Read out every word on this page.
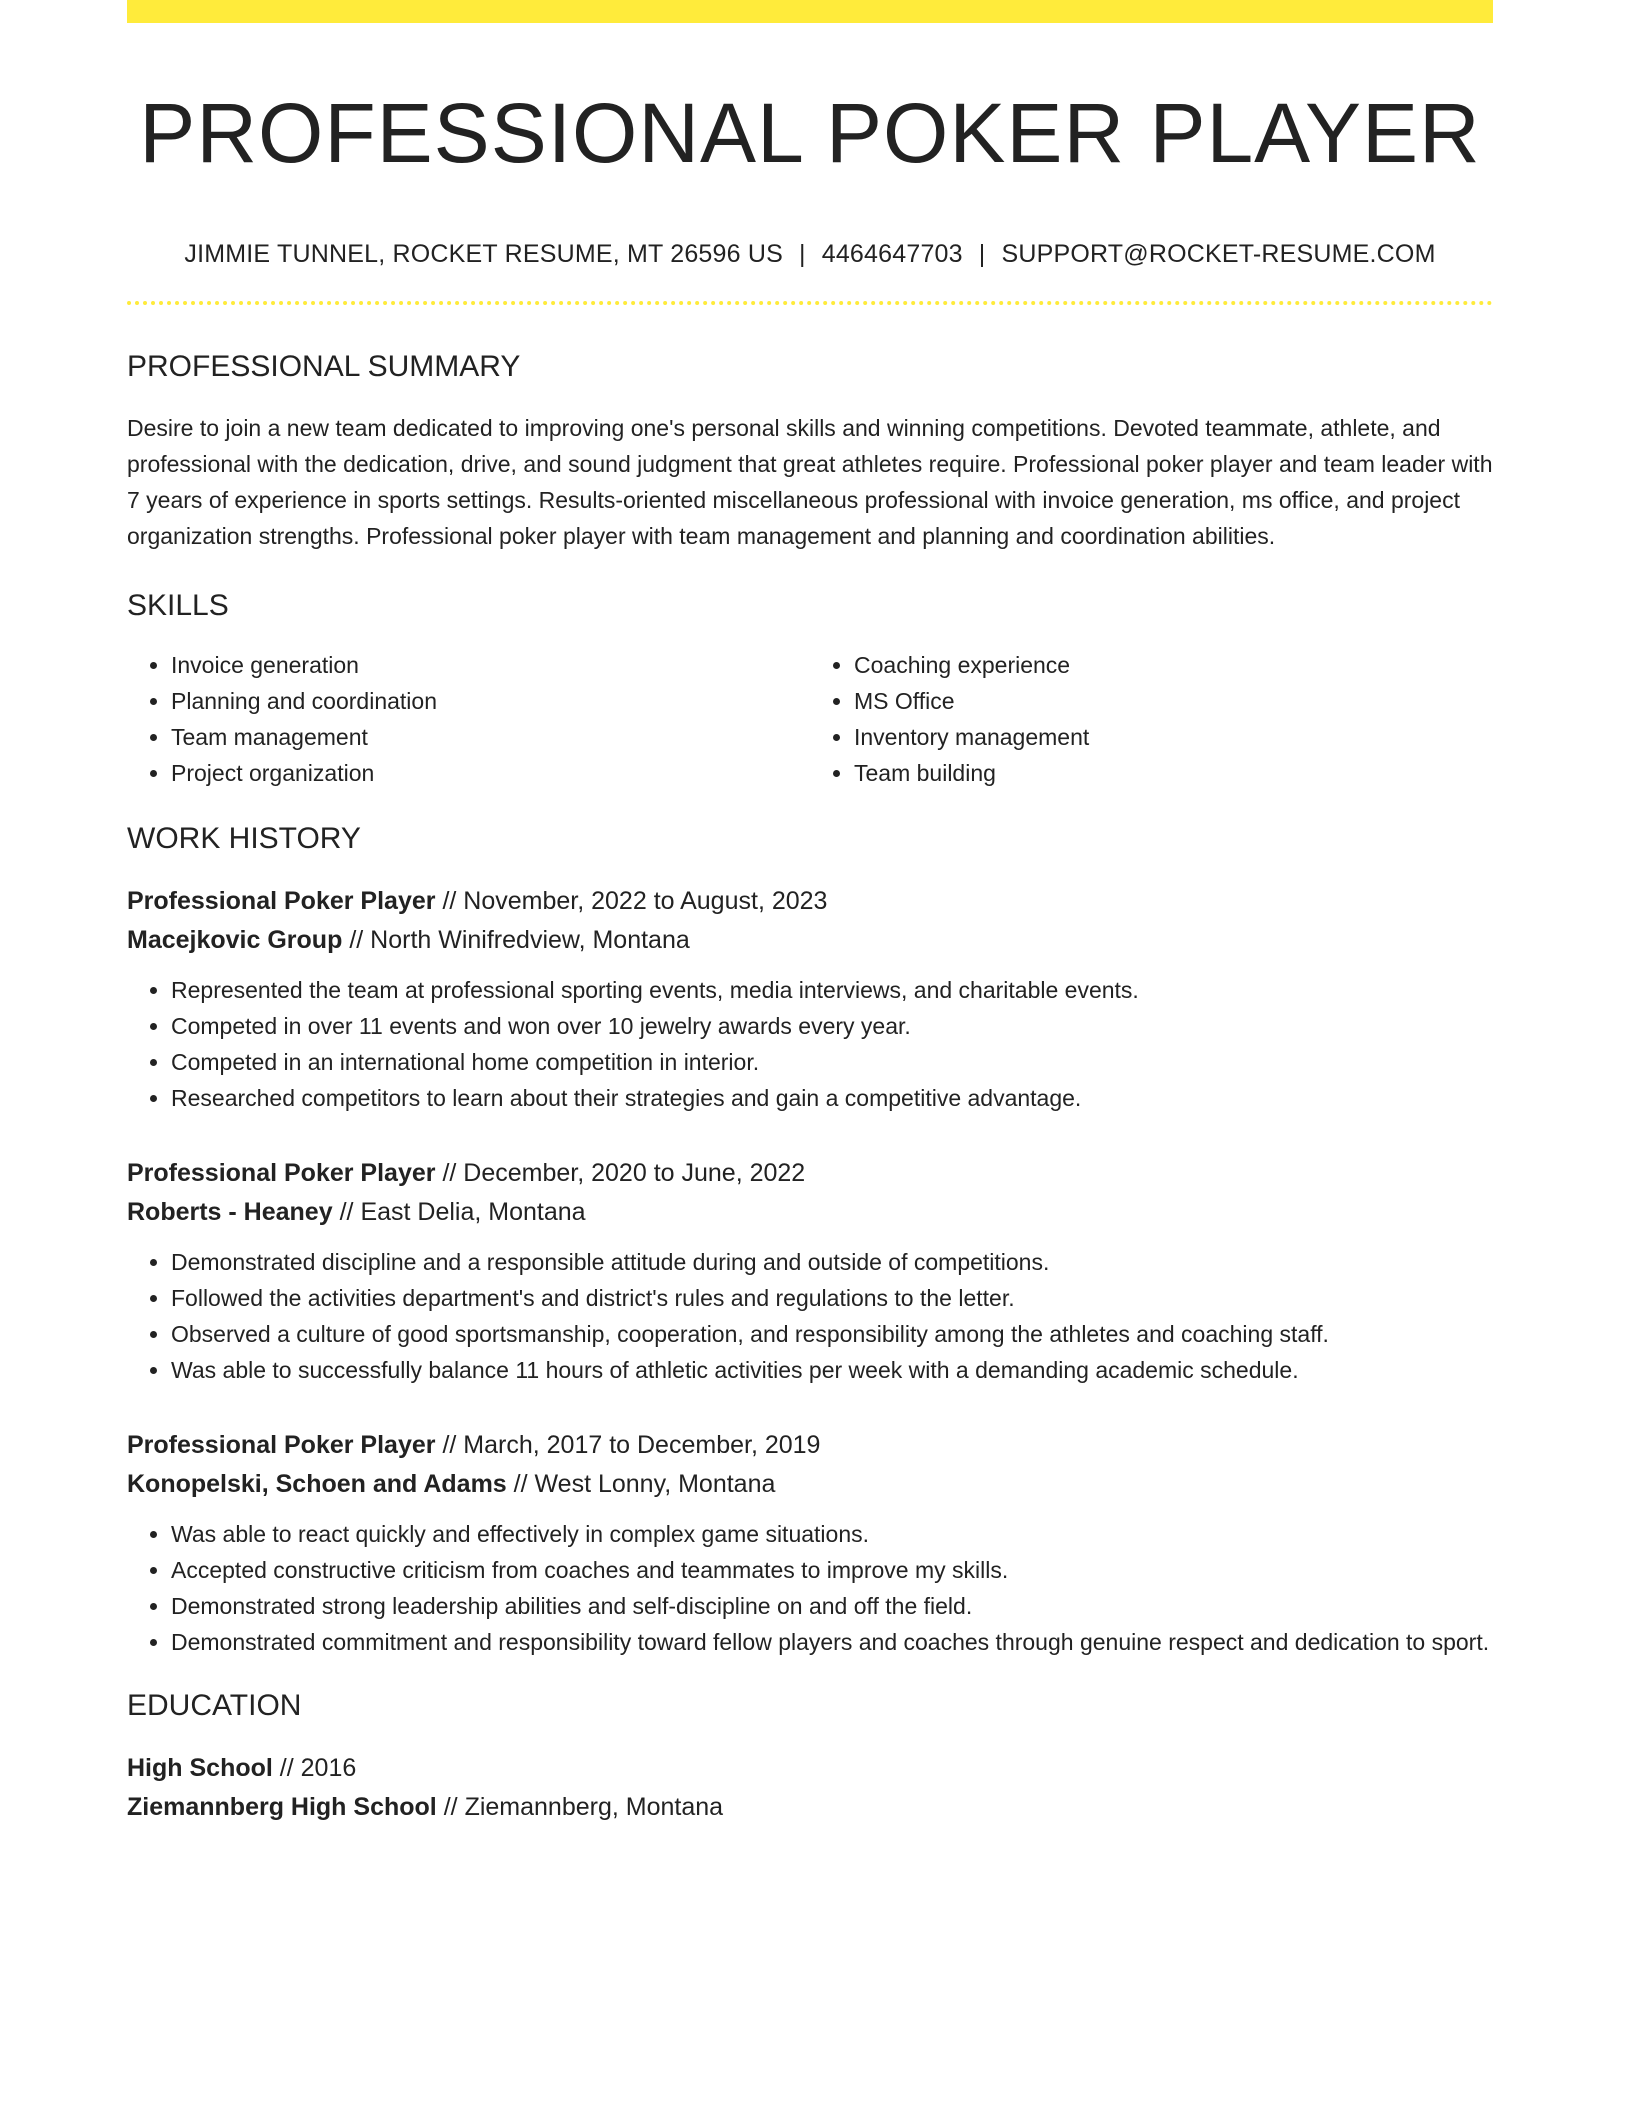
PROFESSIONAL POKER PLAYER
JIMMIE TUNNEL, ROCKET RESUME, MT 26596 US | 4464647703 | SUPPORT@ROCKET-RESUME.COM
PROFESSIONAL SUMMARY

Desire to join a new team dedicated to improving one's personal skills and winning competitions. Devoted teammate, athlete, and professional with the dedication, drive, and sound judgment that great athletes require. Professional poker player and team leader with 7 years of experience in sports settings. Results-oriented miscellaneous professional with invoice generation, ms office, and project organization strengths. Professional poker player with team management and planning and coordination abilities.

SKILLS
• Invoice generation
• Planning and coordination
• Team management
• Project organization
• Coaching experience
• MS Office
• Inventory management
• Team building
WORK HISTORY
Professional Poker Player // November, 2022 to August, 2023
Macejkovic Group // North Winifredview, Montana
• Represented the team at professional sporting events, media interviews, and charitable events.
• Competed in over 11 events and won over 10 jewelry awards every year.
• Competed in an international home competition in interior.
• Researched competitors to learn about their strategies and gain a competitive advantage.
Professional Poker Player // December, 2020 to June, 2022
Roberts - Heaney // East Delia, Montana
• Demonstrated discipline and a responsible attitude during and outside of competitions.
• Followed the activities department's and district's rules and regulations to the letter.
• Observed a culture of good sportsmanship, cooperation, and responsibility among the athletes and coaching staff.
• Was able to successfully balance 11 hours of athletic activities per week with a demanding academic schedule.
Professional Poker Player // March, 2017 to December, 2019
Konopelski, Schoen and Adams // West Lonny, Montana
• Was able to react quickly and effectively in complex game situations.
• Accepted constructive criticism from coaches and teammates to improve my skills.
• Demonstrated strong leadership abilities and self-discipline on and off the field.
• Demonstrated commitment and responsibility toward fellow players and coaches through genuine respect and dedication to sport.
EDUCATION
High School // 2016
Ziemannberg High School // Ziemannberg, Montana
